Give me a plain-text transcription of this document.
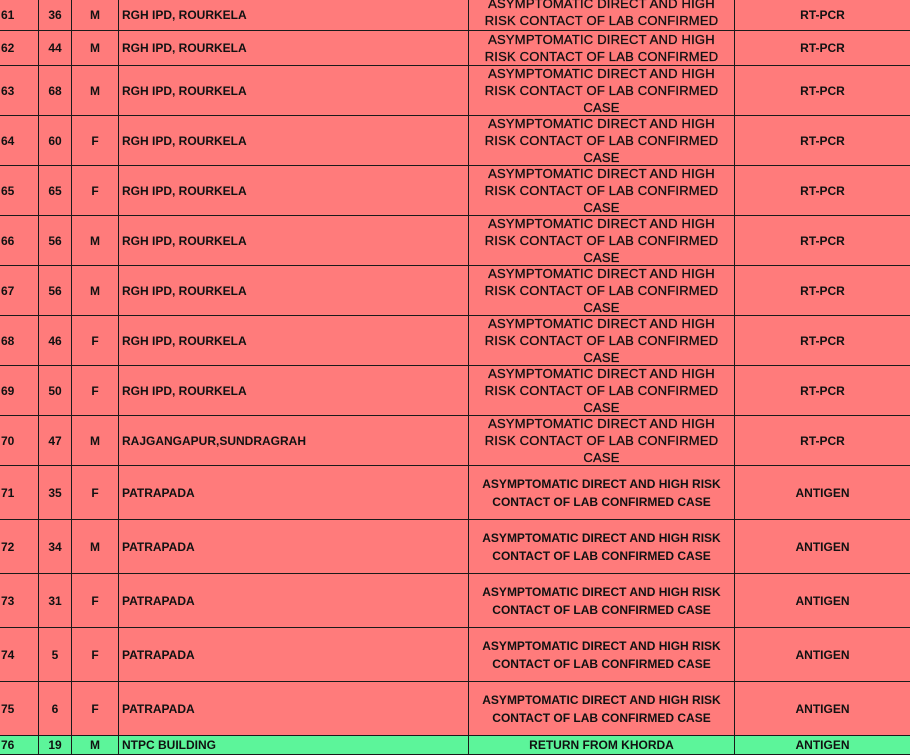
61	36 M RGH IPD, ROURKELA
ASYMPTOMATIC DIRECT AND HIGH RISK CONTACT OF LAB CONFIRMED	RT-PCR
62	44 M RGH IPD, ROURKELA
ASYMPTOMATIC DIRECT AND HIGH RISK CONTACT OF LAB CONFIRMED
RT-PCR
63	68 M RGH IPD, ROURKELA
ASYMPTOMATIC DIRECT AND HIGH RISK CONTACT OF LAB CONFIRMED CASE
RT-PCR
64	60 F RGH IPD, ROURKELA
ASYMPTOMATIC DIRECT AND HIGH RISK CONTACT OF LAB CONFIRMED CASE
RT-PCR
65	65 F RGH IPD, ROURKELA
ASYMPTOMATIC DIRECT AND HIGH RISK CONTACT OF LAB CONFIRMED CASE
RT-PCR
66	56 M RGH IPD, ROURKELA
ASYMPTOMATIC DIRECT AND HIGH RISK CONTACT OF LAB CONFIRMED CASE
RT-PCR
67	56 M RGH IPD, ROURKELA
ASYMPTOMATIC DIRECT AND HIGH RISK CONTACT OF LAB CONFIRMED CASE
RT-PCR
68	46 F RGH IPD, ROURKELA
ASYMPTOMATIC DIRECT AND HIGH RISK CONTACT OF LAB CONFIRMED CASE
RT-PCR
69	50 F RGH IPD, ROURKELA
ASYMPTOMATIC DIRECT AND HIGH RISK CONTACT OF LAB CONFIRMED CASE
RT-PCR
70	47 M RAJGANGAPUR,SUNDRAGRAH
ASYMPTOMATIC DIRECT AND HIGH RISK CONTACT OF LAB CONFIRMED CASE
RT-PCR
71	35 F PATRAPADA
ASYMPTOMATIC DIRECT AND HIGH RISK CONTACT OF LAB CONFIRMED CASE
ANTIGEN
72	34 M PATRAPADA
ASYMPTOMATIC DIRECT AND HIGH RISK CONTACT OF LAB CONFIRMED CASE
ANTIGEN
73	31 F PATRAPADA
ASYMPTOMATIC DIRECT AND HIGH RISK CONTACT OF LAB CONFIRMED CASE
ANTIGEN
74	5	F PATRAPADA
ASYMPTOMATIC DIRECT AND HIGH RISK CONTACT OF LAB CONFIRMED CASE
ANTIGEN
75	6	F PATRAPADA
ASYMPTOMATIC DIRECT AND HIGH RISK CONTACT OF LAB CONFIRMED CASE
ANTIGEN
76	19 M NTPC BUILDING	RETURN FROM KHORDA	ANTIGEN
